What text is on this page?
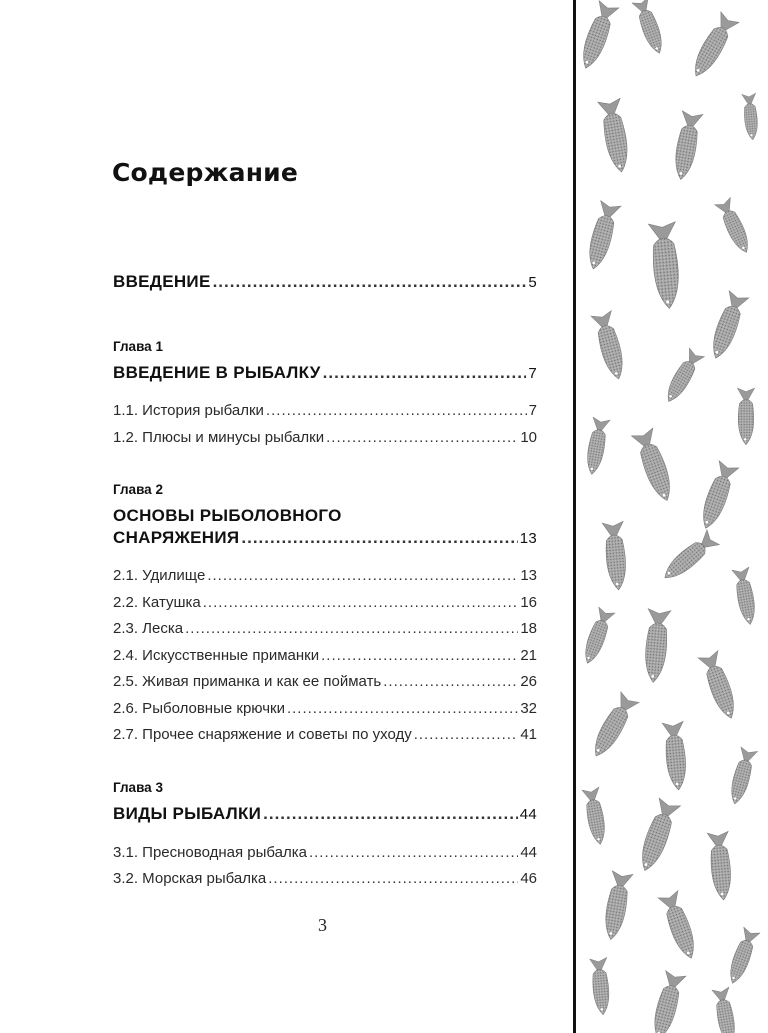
Содержание
ВВЕДЕНИЕ .....	5
Глава 1
ВВЕДЕНИЕ В РЫБАЛКУ .....	7
1.1. История рыбалки .....	7
1.2. Плюсы и минусы рыбалки .....	10
Глава 2
ОСНОВЫ РЫБОЛОВНОГО
СНАРЯЖЕНИЯ .....	13
2.1. Удилище .....	13
2.2. Катушка .....	16
2.3. Леска .....	18
2.4. Искусственные приманки .....	21
2.5. Живая приманка и как ее поймать .....	26
2.6. Рыболовные крючки .....	32
2.7. Прочее снаряжение и советы по уходу .....	41
Глава 3
ВИДЫ РЫБАЛКИ .....	44
3.1. Пресноводная рыбалка .....	44
3.2. Морская рыбалка .....	46
3
